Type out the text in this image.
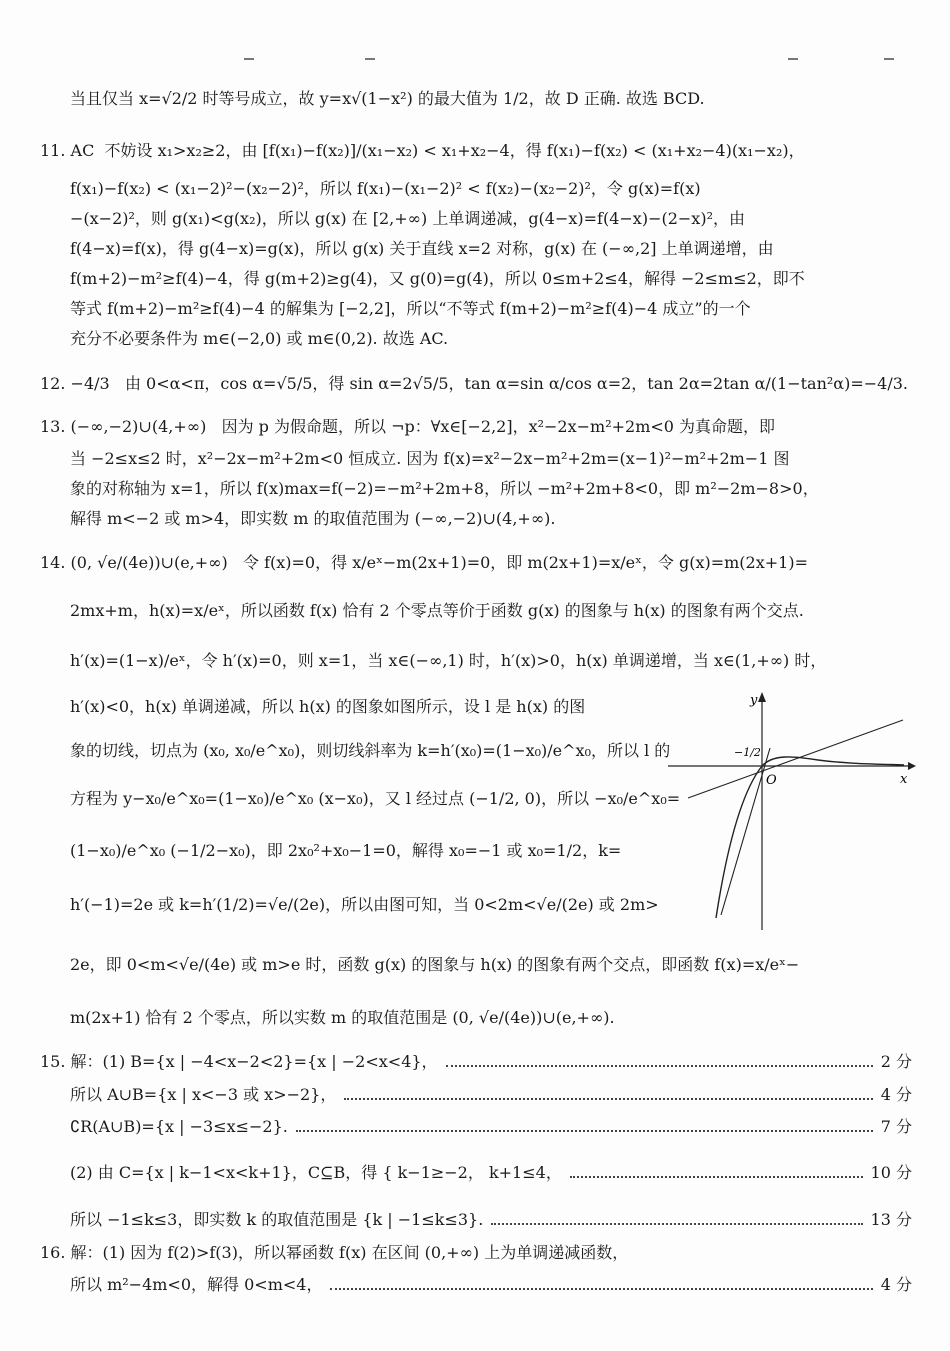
当且仅当 x=√2/2 时等号成立，故 y=x√(1−x²) 的最大值为 1/2，故 D 正确. 故选 BCD.
11. AC 不妨设 x₁>x₂≥2，由 [f(x₁)−f(x₂)]/(x₁−x₂) < x₁+x₂−4，得 f(x₁)−f(x₂) < (x₁+x₂−4)(x₁−x₂)，
f(x₁)−f(x₂) < (x₁−2)²−(x₂−2)²，所以 f(x₁)−(x₁−2)² < f(x₂)−(x₂−2)²，令 g(x)=f(x)
−(x−2)²，则 g(x₁)<g(x₂)，所以 g(x) 在 [2,+∞) 上单调递减，g(4−x)=f(4−x)−(2−x)²，由
f(4−x)=f(x)，得 g(4−x)=g(x)，所以 g(x) 关于直线 x=2 对称，g(x) 在 (−∞,2] 上单调递增，由
f(m+2)−m²≥f(4)−4，得 g(m+2)≥g(4)，又 g(0)=g(4)，所以 0≤m+2≤4，解得 −2≤m≤2，即不
等式 f(m+2)−m²≥f(4)−4 的解集为 [−2,2]，所以“不等式 f(m+2)−m²≥f(4)−4 成立”的一个
充分不必要条件为 m∈(−2,0) 或 m∈(0,2). 故选 AC.
12. −4/3 由 0<α<π，cos α=√5/5，得 sin α=2√5/5，tan α=sin α/cos α=2，tan 2α=2tan α/(1−tan²α)=−4/3.
13. (−∞,−2)∪(4,+∞) 因为 p 为假命题，所以 ¬p：∀x∈[−2,2]，x²−2x−m²+2m<0 为真命题，即
当 −2≤x≤2 时，x²−2x−m²+2m<0 恒成立. 因为 f(x)=x²−2x−m²+2m=(x−1)²−m²+2m−1 图
象的对称轴为 x=1，所以 f(x)max=f(−2)=−m²+2m+8，所以 −m²+2m+8<0，即 m²−2m−8>0，
解得 m<−2 或 m>4，即实数 m 的取值范围为 (−∞,−2)∪(4,+∞).
14. (0, √e/(4e))∪(e,+∞) 令 f(x)=0，得 x/eˣ−m(2x+1)=0，即 m(2x+1)=x/eˣ，令 g(x)=m(2x+1)=
2mx+m，h(x)=x/eˣ，所以函数 f(x) 恰有 2 个零点等价于函数 g(x) 的图象与 h(x) 的图象有两个交点.
h′(x)=(1−x)/eˣ，令 h′(x)=0，则 x=1，当 x∈(−∞,1) 时，h′(x)>0，h(x) 单调递增，当 x∈(1,+∞) 时，
h′(x)<0，h(x) 单调递减，所以 h(x) 的图象如图所示，设 l 是 h(x) 的图
象的切线，切点为 (x₀, x₀/e^x₀)，则切线斜率为 k=h′(x₀)=(1−x₀)/e^x₀，所以 l 的
方程为 y−x₀/e^x₀=(1−x₀)/e^x₀ (x−x₀)，又 l 经过点 (−1/2, 0)，所以 −x₀/e^x₀=
(1−x₀)/e^x₀ (−1/2−x₀)，即 2x₀²+x₀−1=0，解得 x₀=−1 或 x₀=1/2，k=
h′(−1)=2e 或 k=h′(1/2)=√e/(2e)，所以由图可知，当 0<2m<√e/(2e) 或 2m>
2e，即 0<m<√e/(4e) 或 m>e 时，函数 g(x) 的图象与 h(x) 的图象有两个交点，即函数 f(x)=x/eˣ−
m(2x+1) 恰有 2 个零点，所以实数 m 的取值范围是 (0, √e/(4e))∪(e,+∞).
y
x
O
−1/2
15. 解：(1) B={x | −4<x−2<2}={x | −2<x<4}，	2 分
所以 A∪B={x | x<−3 或 x>−2}，	4 分
∁R(A∪B)={x | −3≤x≤−2}.	7 分
(2) 由 C={x | k−1<x<k+1}，C⊆B，得 { k−1≥−2， k+1≤4，	10 分
所以 −1≤k≤3，即实数 k 的取值范围是 {k | −1≤k≤3}.	13 分
16. 解：(1) 因为 f(2)>f(3)，所以幂函数 f(x) 在区间 (0,+∞) 上为单调递减函数，
所以 m²−4m<0，解得 0<m<4，	4 分
